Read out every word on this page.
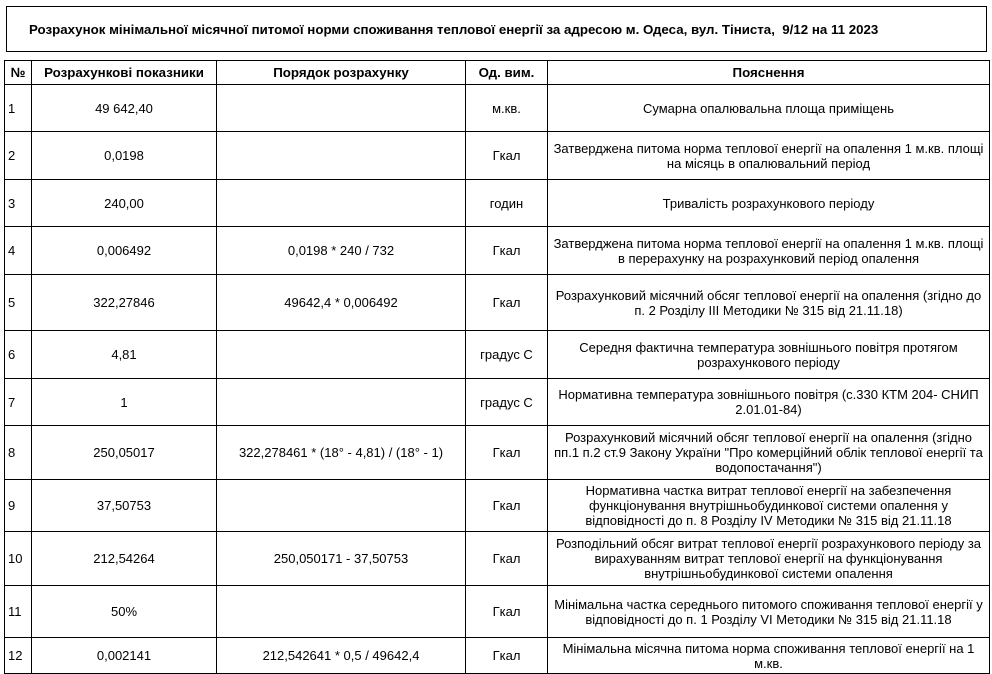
Розрахунок мінімальної місячної питомої норми споживання теплової енергії за адресою м. Одеса, вул. Тіниста,  9/12 на 11 2023
№	Розрахункові показники	Порядок розрахунку	Од. вим.	Пояснення
1	49 642,40		м.кв.	Сумарна опалювальна площа приміщень
2	0,0198		Гкал	Затверджена питома норма теплової енергії на опалення 1 м.кв. площі на місяць в опалювальний період
3	240,00		годин	Тривалість розрахункового періоду
4	0,006492	0,0198 * 240 / 732	Гкал	Затверджена питома норма теплової енергії на опалення 1 м.кв. площі в перерахунку на розрахунковий період опалення
5	322,27846	49642,4 * 0,006492	Гкал	Розрахунковий місячний обсяг теплової енергії на опалення (згідно до п. 2 Розділу ІІІ Методики № 315 від 21.11.18)
6	4,81		градус С	Середня фактична температура зовнішнього повітря протягом розрахункового періоду
7	1		градус С	Нормативна температура зовнішнього повітря (с.330 КТМ 204- СНИП 2.01.01-84)
8	250,05017	322,278461 * (18° - 4,81) / (18° - 1)	Гкал	Розрахунковий місячний обсяг теплової енергії на опалення (згідно пп.1 п.2 ст.9 Закону України "Про комерційний облік теплової енергії та водопостачання")
9	37,50753		Гкал	Нормативна частка витрат теплової енергії на забезпечення функціонування внутрішньобудинкової системи опалення у відповідності до п. 8 Розділу IV Методики № 315 від 21.11.18
10	212,54264	250,050171 - 37,50753	Гкал	Розподільний обсяг витрат теплової енергії розрахункового періоду за вирахуванням витрат теплової енергії на функціонування внутрішньобудинкової системи опалення
11	50%		Гкал	Мінімальна частка середнього питомого споживання теплової енергії у відповідності до п. 1 Розділу VI Методики № 315 від 21.11.18
12	0,002141	212,542641 * 0,5 / 49642,4	Гкал	Мінімальна місячна питома норма споживання теплової енергії на 1 м.кв.
